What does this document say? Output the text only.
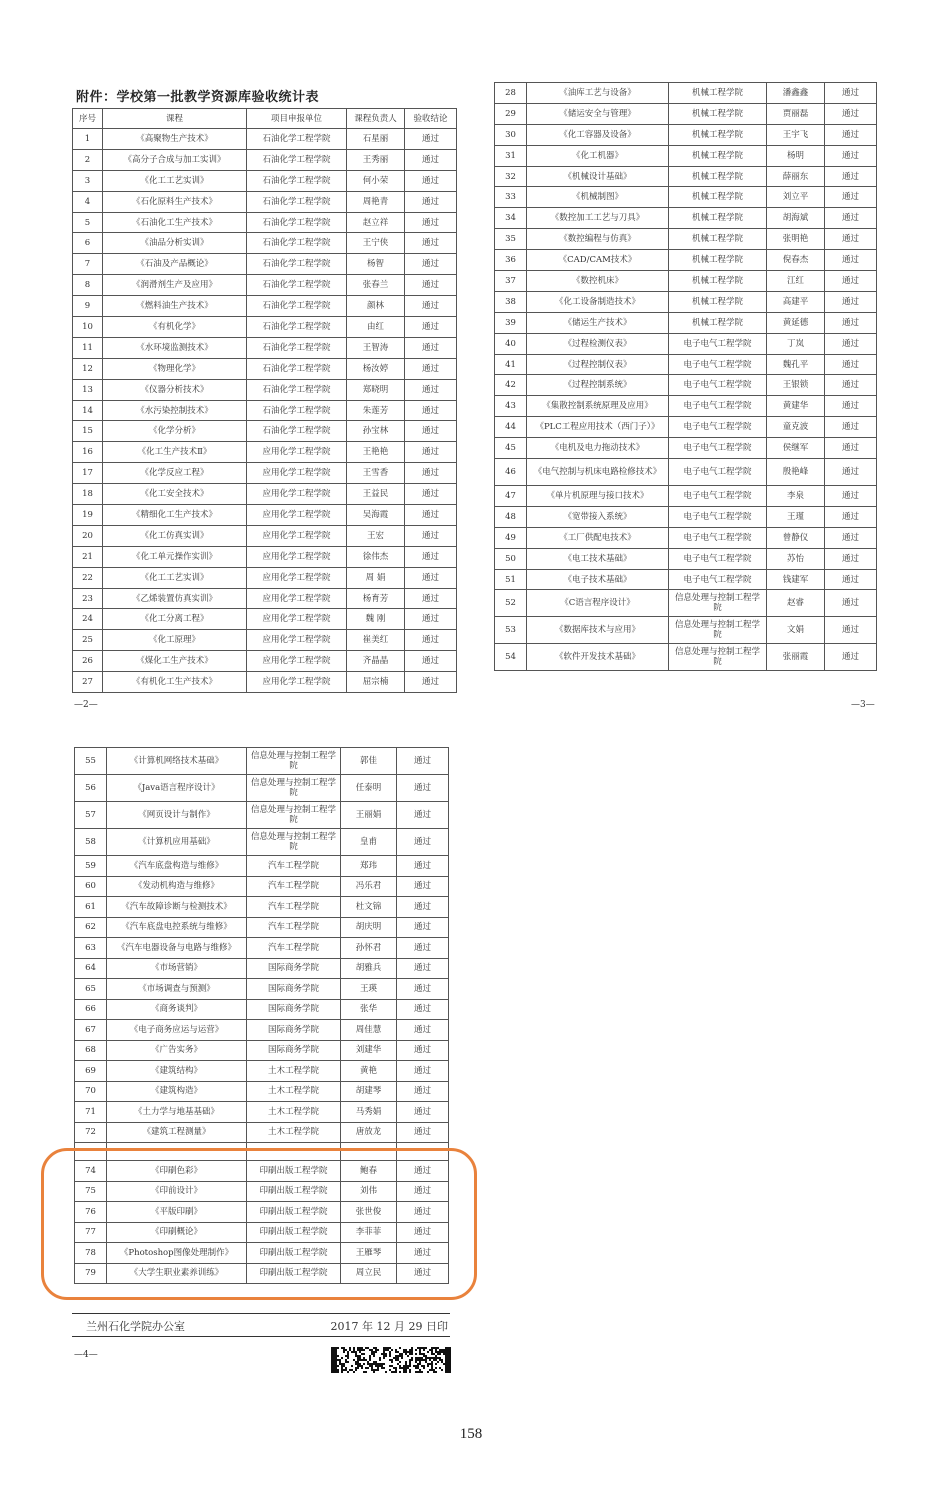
附件：学校第一批教学资源库验收统计表
序号	课程	项目申报单位	课程负责人	验收结论
1	《高聚物生产技术》	石油化学工程学院	石星丽	通过
2	《高分子合成与加工实训》	石油化学工程学院	王秀丽	通过
3	《化工工艺实训》	石油化学工程学院	何小荣	通过
4	《石化原料生产技术》	石油化学工程学院	周艳青	通过
5	《石油化工生产技术》	石油化学工程学院	赵立祥	通过
6	《油品分析实训》	石油化学工程学院	王宁侠	通过
7	《石油及产品概论》	石油化学工程学院	杨智	通过
8	《润滑剂生产及应用》	石油化学工程学院	张春兰	通过
9	《燃料油生产技术》	石油化学工程学院	颜林	通过
10	《有机化学》	石油化学工程学院	由红	通过
11	《水环境监测技术》	石油化学工程学院	王智涛	通过
12	《物理化学》	石油化学工程学院	杨汝婷	通过
13	《仪器分析技术》	石油化学工程学院	郑晓明	通过
14	《水污染控制技术》	石油化学工程学院	朱莲芳	通过
15	《化学分析》	石油化学工程学院	孙宝林	通过
16	《化工生产技术Ⅱ》	应用化学工程学院	王艳艳	通过
17	《化学反应工程》	应用化学工程学院	王雪香	通过
18	《化工安全技术》	应用化学工程学院	王益民	通过
19	《精细化工生产技术》	应用化学工程学院	吴海霞	通过
20	《化工仿真实训》	应用化学工程学院	王宏	通过
21	《化工单元操作实训》	应用化学工程学院	徐伟杰	通过
22	《化工工艺实训》	应用化学工程学院	周 娟	通过
23	《乙烯装置仿真实训》	应用化学工程学院	杨育芳	通过
24	《化工分离工程》	应用化学工程学院	魏 刚	通过
25	《化工原理》	应用化学工程学院	崔美红	通过
26	《煤化工生产技术》	应用化学工程学院	齐晶晶	通过
27	《有机化工生产技术》	应用化学工程学院	屈宗楠	通过
28	《油库工艺与设备》	机械工程学院	潘鑫鑫	通过
29	《储运安全与管理》	机械工程学院	贾丽磊	通过
30	《化工容器及设备》	机械工程学院	王宇飞	通过
31	《化工机器》	机械工程学院	杨明	通过
32	《机械设计基础》	机械工程学院	薛丽东	通过
33	《机械制图》	机械工程学院	刘立平	通过
34	《数控加工工艺与刀具》	机械工程学院	胡海斌	通过
35	《数控编程与仿真》	机械工程学院	张明艳	通过
36	《CAD/CAM技术》	机械工程学院	倪春杰	通过
37	《数控机床》	机械工程学院	江红	通过
38	《化工设备制造技术》	机械工程学院	高建平	通过
39	《储运生产技术》	机械工程学院	黄延德	通过
40	《过程检测仪表》	电子电气工程学院	丁岚	通过
41	《过程控制仪表》	电子电气工程学院	魏孔平	通过
42	《过程控制系统》	电子电气工程学院	王银锁	通过
43	《集散控制系统原理及应用》	电子电气工程学院	黄建华	通过
44	《PLC工程应用技术（西门子）》	电子电气工程学院	童克波	通过
45	《电机及电力拖动技术》	电子电气工程学院	侯继军	通过
46	《电气控制与机床电路检修技术》	电子电气工程学院	殷艳峰	通过
47	《单片机原理与接口技术》	电子电气工程学院	李泉	通过
48	《宽带接入系统》	电子电气工程学院	王瑾	通过
49	《工厂供配电技术》	电子电气工程学院	曾静仪	通过
50	《电工技术基础》	电子电气工程学院	苏怡	通过
51	《电子技术基础》	电子电气工程学院	钱建军	通过
52	《C语言程序设计》	信息处理与控制工程学院	赵睿	通过
53	《数据库技术与应用》	信息处理与控制工程学院	文娟	通过
54	《软件开发技术基础》	信息处理与控制工程学院	张丽霞	通过
55	《计算机网络技术基础》	信息处理与控制工程学院	郭佳	通过
56	《Java语言程序设计》	信息处理与控制工程学院	任泰明	通过
57	《网页设计与制作》	信息处理与控制工程学院	王丽娟	通过
58	《计算机应用基础》	信息处理与控制工程学院	皇甫	通过
59	《汽车底盘构造与维修》	汽车工程学院	郑玮	通过
60	《发动机构造与维修》	汽车工程学院	冯乐君	通过
61	《汽车故障诊断与检测技术》	汽车工程学院	杜文锦	通过
62	《汽车底盘电控系统与维修》	汽车工程学院	胡庆明	通过
63	《汽车电器设备与电路与维修》	汽车工程学院	孙怀君	通过
64	《市场营销》	国际商务学院	胡雅兵	通过
65	《市场调查与预测》	国际商务学院	王瑛	通过
66	《商务谈判》	国际商务学院	张华	通过
67	《电子商务应运与运营》	国际商务学院	周佳慧	通过
68	《广告实务》	国际商务学院	刘建华	通过
69	《建筑结构》	土木工程学院	黄艳	通过
70	《建筑构造》	土木工程学院	胡建琴	通过
71	《土力学与地基基础》	土木工程学院	马秀娟	通过
72	《建筑工程测量》	土木工程学院	唐放龙	通过

74	《印刷色彩》	印刷出版工程学院	鲍春	通过
75	《印前设计》	印刷出版工程学院	刘伟	通过
76	《平版印刷》	印刷出版工程学院	张世俊	通过
77	《印刷概论》	印刷出版工程学院	李菲菲	通过
78	《Photoshop图像处理制作》	印刷出版工程学院	王雁琴	通过
79	《大学生职业素养训练》	印刷出版工程学院	周立民	通过
—2—	—3—
—4—
兰州石化学院办公室	2017 年 12 月 29 日印
158
